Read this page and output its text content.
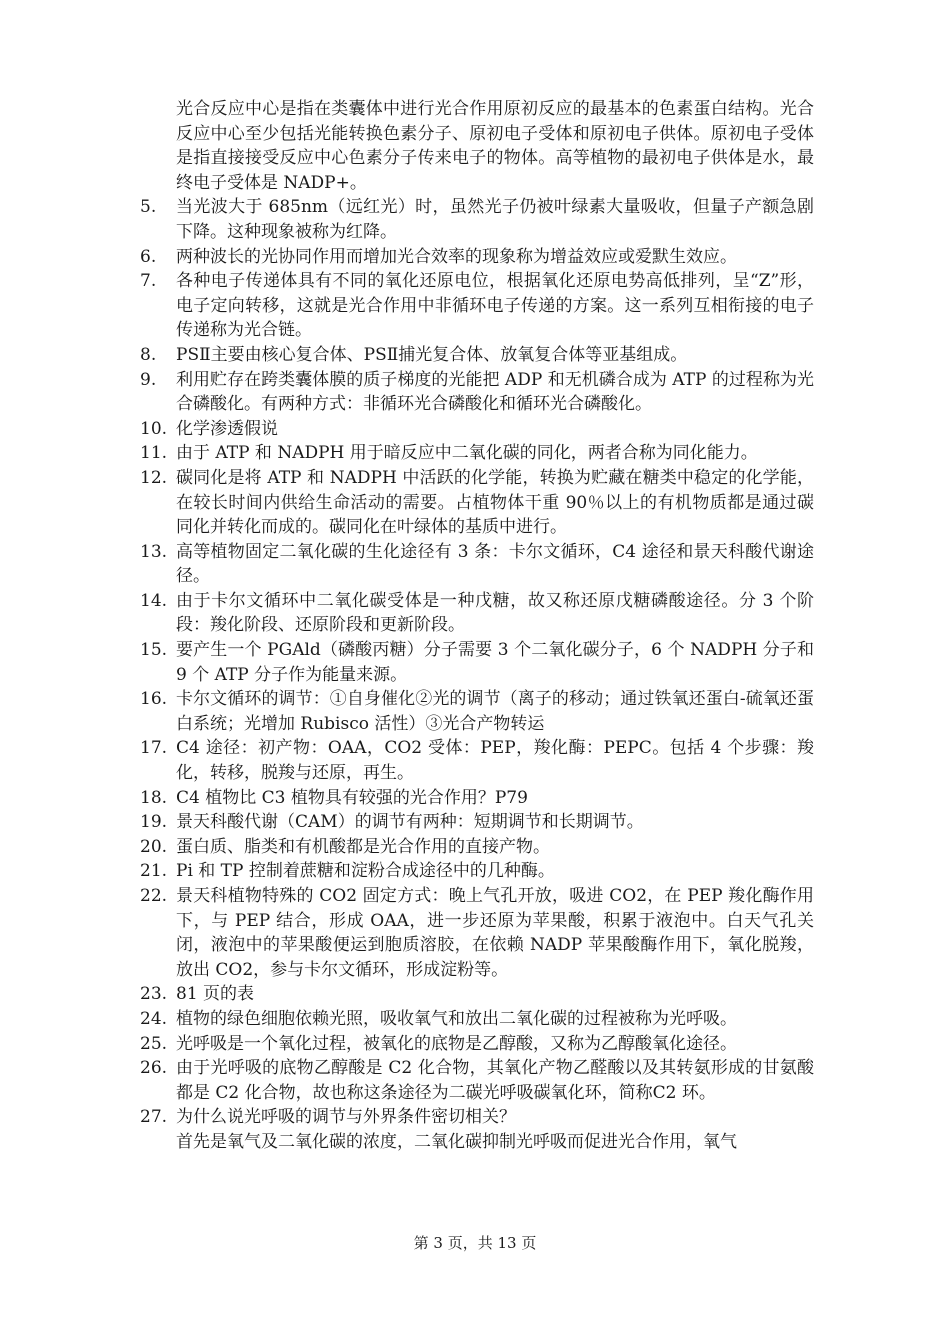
光合反应中心是指在类囊体中进行光合作用原初反应的最基本的色素蛋白结构。光合反应中心至少包括光能转换色素分子、原初电子受体和原初电子供体。原初电子受体是指直接接受反应中心色素分子传来电子的物体。高等植物的最初电子供体是水，最终电子受体是 NADP+。

5.	当光波大于 685nm（远红光）时，虽然光子仍被叶绿素大量吸收，但量子产额急剧下降。这种现象被称为红降。
6.	两种波长的光协同作用而增加光合效率的现象称为增益效应或爱默生效应。
7.	各种电子传递体具有不同的氧化还原电位，根据氧化还原电势高低排列，呈“Z”形，电子定向转移，这就是光合作用中非循环电子传递的方案。这一系列互相衔接的电子传递称为光合链。
8.	PSⅡ主要由核心复合体、PSⅡ捕光复合体、放氧复合体等亚基组成。
9.	利用贮存在跨类囊体膜的质子梯度的光能把 ADP 和无机磷合成为 ATP 的过程称为光合磷酸化。有两种方式：非循环光合磷酸化和循环光合磷酸化。
10. 化学渗透假说
11. 由于 ATP 和 NADPH 用于暗反应中二氧化碳的同化，两者合称为同化能力。
12. 碳同化是将 ATP 和 NADPH 中活跃的化学能，转换为贮藏在糖类中稳定的化学能，在较长时间内供给生命活动的需要。占植物体干重 90％以上的有机物质都是通过碳同化并转化而成的。碳同化在叶绿体的基质中进行。
13. 高等植物固定二氧化碳的生化途径有 3 条：卡尔文循环，C4 途径和景天科酸代谢途径。
14. 由于卡尔文循环中二氧化碳受体是一种戊糖，故又称还原戊糖磷酸途径。分 3 个阶段：羧化阶段、还原阶段和更新阶段。
15. 要产生一个 PGAld（磷酸丙糖）分子需要 3 个二氧化碳分子，6 个 NADPH 分子和 9 个 ATP 分子作为能量来源。
16. 卡尔文循环的调节：①自身催化②光的调节（离子的移动；通过铁氧还蛋白-硫氧还蛋白系统；光增加 Rubisco 活性）③光合产物转运
17. C4 途径：初产物：OAA，CO2 受体：PEP，羧化酶：PEPC。包括 4 个步骤：羧化，转移，脱羧与还原，再生。
18. C4 植物比 C3 植物具有较强的光合作用？P79
19. 景天科酸代谢（CAM）的调节有两种：短期调节和长期调节。
20. 蛋白质、脂类和有机酸都是光合作用的直接产物。
21. Pi 和 TP 控制着蔗糖和淀粉合成途径中的几种酶。
22. 景天科植物特殊的 CO2 固定方式：晚上气孔开放，吸进 CO2，在 PEP 羧化酶作用下，与 PEP 结合，形成 OAA，进一步还原为苹果酸，积累于液泡中。白天气孔关闭，液泡中的苹果酸便运到胞质溶胶，在依赖 NADP 苹果酸酶作用下，氧化脱羧，放出 CO2，参与卡尔文循环，形成淀粉等。
23. 81 页的表
24. 植物的绿色细胞依赖光照，吸收氧气和放出二氧化碳的过程被称为光呼吸。
25. 光呼吸是一个氧化过程，被氧化的底物是乙醇酸，又称为乙醇酸氧化途径。
26. 由于光呼吸的底物乙醇酸是 C2 化合物，其氧化产物乙醛酸以及其转氨形成的甘氨酸都是 C2 化合物，故也称这条途径为二碳光呼吸碳氧化环，简称C2 环。
27. 为什么说光呼吸的调节与外界条件密切相关？

首先是氧气及二氧化碳的浓度，二氧化碳抑制光呼吸而促进光合作用，氧气

第 3 页，共 13 页
